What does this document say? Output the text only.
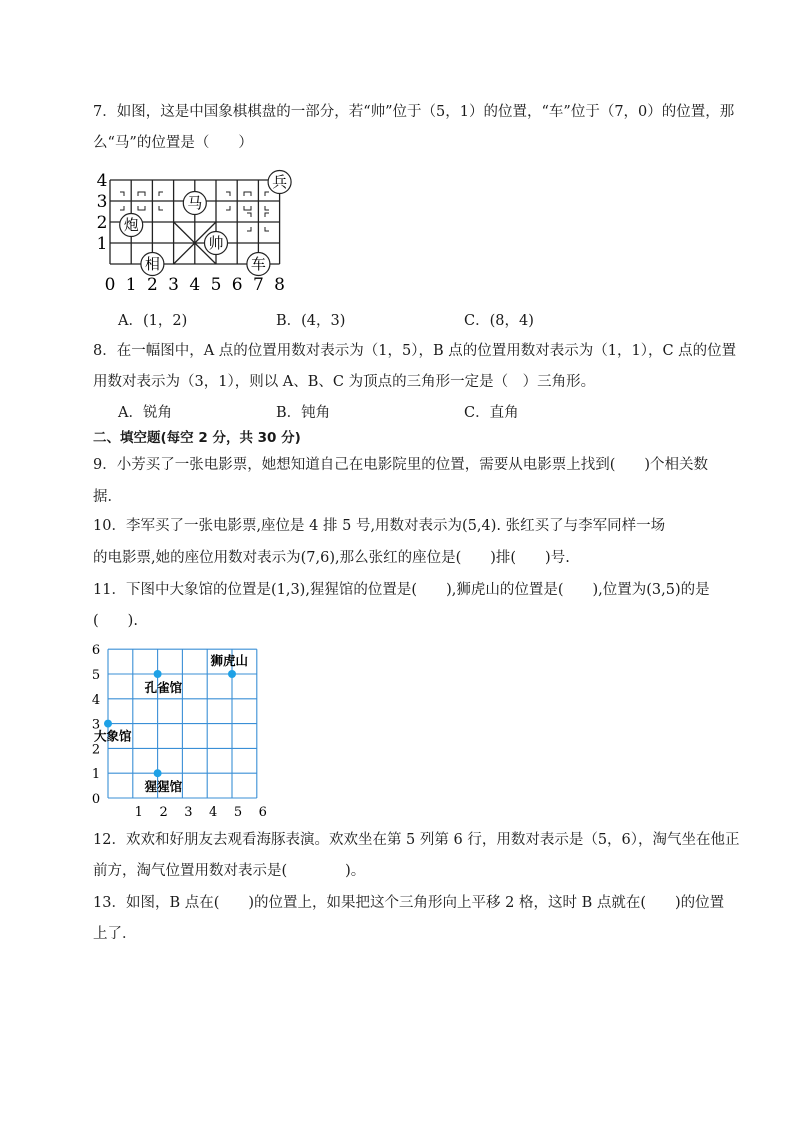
7．如图，这是中国象棋棋盘的一部分，若“帅”位于（5，1）的位置，“车”位于（7，0）的位置，那
么“马”的位置是（　　）
炮
相
马
帅
车
兵
0 1 2 3 4 5 6 7 8
1
2
3
4
A．(1，2)	B．(4，3)	C．(8，4)
8．在一幅图中，A 点的位置用数对表示为（1，5），B 点的位置用数对表示为（1，1），C 点的位置
用数对表示为（3，1），则以 A、B、C 为顶点的三角形一定是（　）三角形。
A．锐角	B．钝角	C．直角
二、填空题(每空 2 分，共 30 分)
9．小芳买了一张电影票，她想知道自己在电影院里的位置，需要从电影票上找到(　　)个相关数
据．
10．李军买了一张电影票,座位是 4 排 5 号,用数对表示为(5,4). 张红买了与李军同样一场
的电影票,她的座位用数对表示为(7,6),那么张红的座位是(　　)排(　　)号.
11．下图中大象馆的位置是(1,3),猩猩馆的位置是(　　),狮虎山的位置是(　　),位置为(3,5)的是
(　　).
1 2 3 4 5 6
0
1
2
3
4
5
6
大象馆
孔雀馆
猩猩馆
狮虎山
12．欢欢和好朋友去观看海豚表演。欢欢坐在第 5 列第 6 行，用数对表示是（5，6），淘气坐在他正
前方，淘气位置用数对表示是(　　　　)。
13．如图，B 点在(　　)的位置上，如果把这个三角形向上平移 2 格，这时 B 点就在(　　)的位置
上了．
